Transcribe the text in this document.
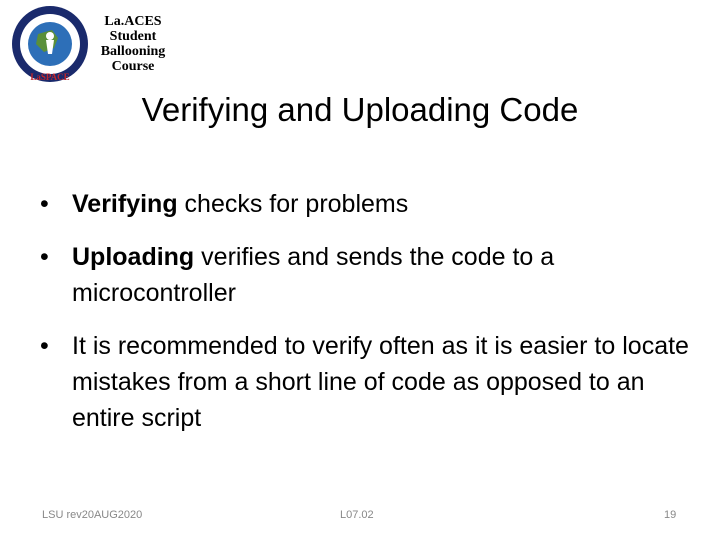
LaSPACE
La.ACES
Student
Ballooning
Course
Verifying and Uploading Code
• Verifying checks for problems
• Uploading verifies and sends the code to a microcontroller
• It is recommended to verify often as it is easier to locate mistakes from a short line of code as opposed to an entire script
LSU rev20AUG2020	L07.02	19
